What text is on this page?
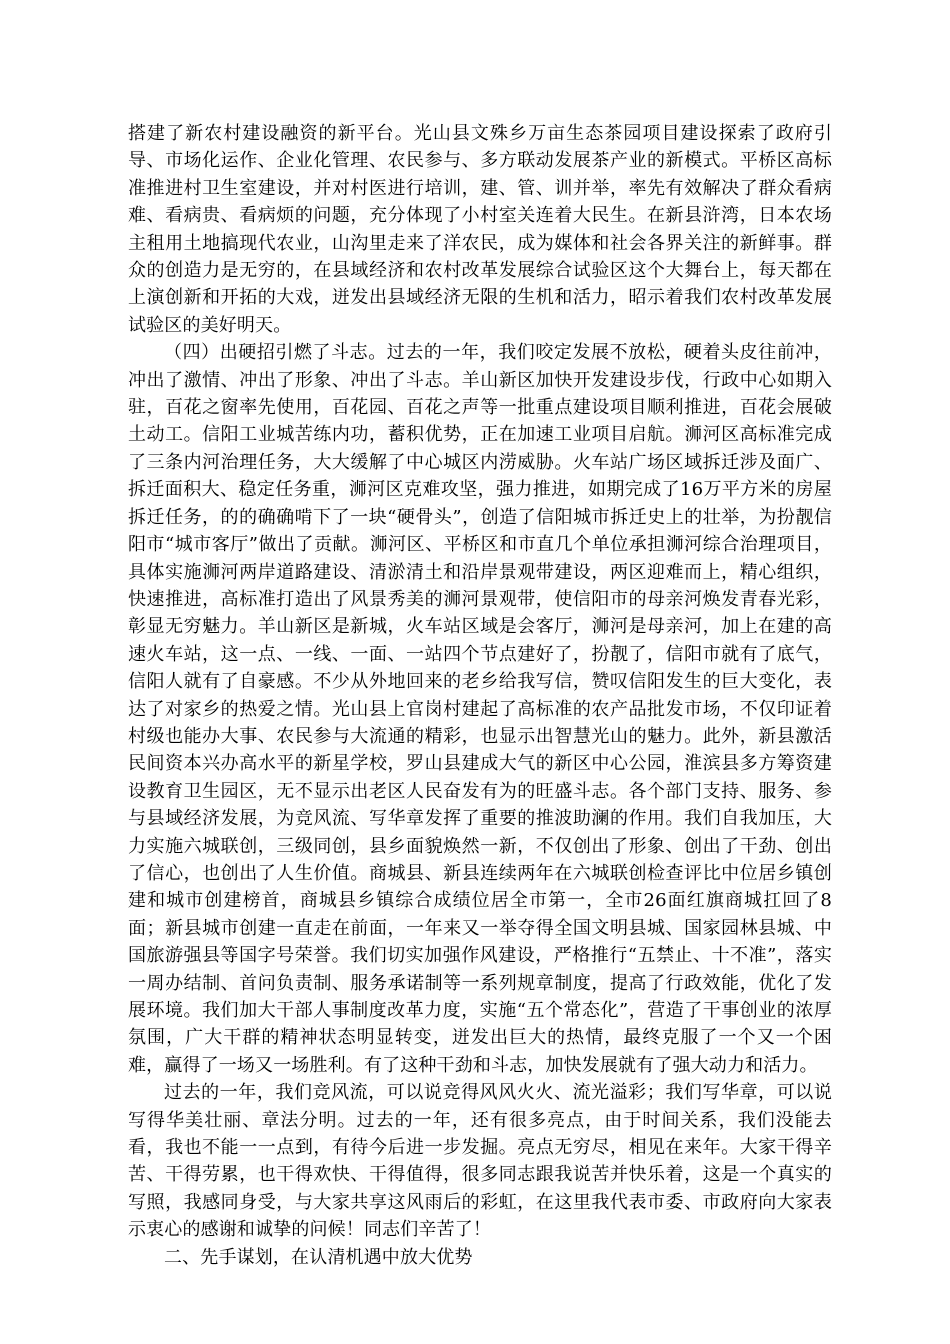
搭建了新农村建设融资的新平台。光山县文殊乡万亩生态茶园项目建设探索了政府引导、市场化运作、企业化管理、农民参与、多方联动发展茶产业的新模式。平桥区高标准推进村卫生室建设，并对村医进行培训，建、管、训并举，率先有效解决了群众看病难、看病贵、看病烦的问题，充分体现了小村室关连着大民生。在新县浒湾，日本农场主租用土地搞现代农业，山沟里走来了洋农民，成为媒体和社会各界关注的新鲜事。群众的创造力是无穷的，在县域经济和农村改革发展综合试验区这个大舞台上，每天都在上演创新和开拓的大戏，迸发出县域经济无限的生机和活力，昭示着我们农村改革发展试验区的美好明天。

（四）出硬招引燃了斗志。过去的一年，我们咬定发展不放松，硬着头皮往前冲，冲出了激情、冲出了形象、冲出了斗志。羊山新区加快开发建设步伐，行政中心如期入驻，百花之窗率先使用，百花园、百花之声等一批重点建设项目顺利推进，百花会展破土动工。信阳工业城苦练内功，蓄积优势，正在加速工业项目启航。浉河区高标准完成了三条内河治理任务，大大缓解了中心城区内涝威胁。火车站广场区域拆迁涉及面广、拆迁面积大、稳定任务重，浉河区克难攻坚，强力推进，如期完成了16万平方米的房屋拆迁任务，的的确确啃下了一块“硬骨头”，创造了信阳城市拆迁史上的壮举，为扮靓信阳市“城市客厅”做出了贡献。浉河区、平桥区和市直几个单位承担浉河综合治理项目，具体实施浉河两岸道路建设、清淤清土和沿岸景观带建设，两区迎难而上，精心组织，快速推进，高标准打造出了风景秀美的浉河景观带，使信阳市的母亲河焕发青春光彩，彰显无穷魅力。羊山新区是新城，火车站区域是会客厅，浉河是母亲河，加上在建的高速火车站，这一点、一线、一面、一站四个节点建好了，扮靓了，信阳市就有了底气，信阳人就有了自豪感。不少从外地回来的老乡给我写信，赞叹信阳发生的巨大变化，表达了对家乡的热爱之情。光山县上官岗村建起了高标准的农产品批发市场，不仅印证着村级也能办大事、农民参与大流通的精彩，也显示出智慧光山的魅力。此外，新县激活民间资本兴办高水平的新星学校，罗山县建成大气的新区中心公园，淮滨县多方筹资建设教育卫生园区，无不显示出老区人民奋发有为的旺盛斗志。各个部门支持、服务、参与县域经济发展，为竞风流、写华章发挥了重要的推波助澜的作用。我们自我加压，大力实施六城联创，三级同创，县乡面貌焕然一新，不仅创出了形象、创出了干劲、创出了信心，也创出了人生价值。商城县、新县连续两年在六城联创检查评比中位居乡镇创建和城市创建榜首，商城县乡镇综合成绩位居全市第一，全市26面红旗商城扛回了8面；新县城市创建一直走在前面，一年来又一举夺得全国文明县城、国家园林县城、中国旅游强县等国字号荣誉。我们切实加强作风建设，严格推行“五禁止、十不准”，落实一周办结制、首问负责制、服务承诺制等一系列规章制度，提高了行政效能，优化了发展环境。我们加大干部人事制度改革力度，实施“五个常态化”，营造了干事创业的浓厚氛围，广大干群的精神状态明显转变，迸发出巨大的热情，最终克服了一个又一个困难，赢得了一场又一场胜利。有了这种干劲和斗志，加快发展就有了强大动力和活力。

过去的一年，我们竞风流，可以说竞得风风火火、流光溢彩；我们写华章，可以说写得华美壮丽、章法分明。过去的一年，还有很多亮点，由于时间关系，我们没能去看，我也不能一一点到，有待今后进一步发掘。亮点无穷尽，相见在来年。大家干得辛苦、干得劳累，也干得欢快、干得值得，很多同志跟我说苦并快乐着，这是一个真实的写照，我感同身受，与大家共享这风雨后的彩虹，在这里我代表市委、市政府向大家表示衷心的感谢和诚挚的问候！同志们辛苦了！

二、先手谋划，在认清机遇中放大优势
